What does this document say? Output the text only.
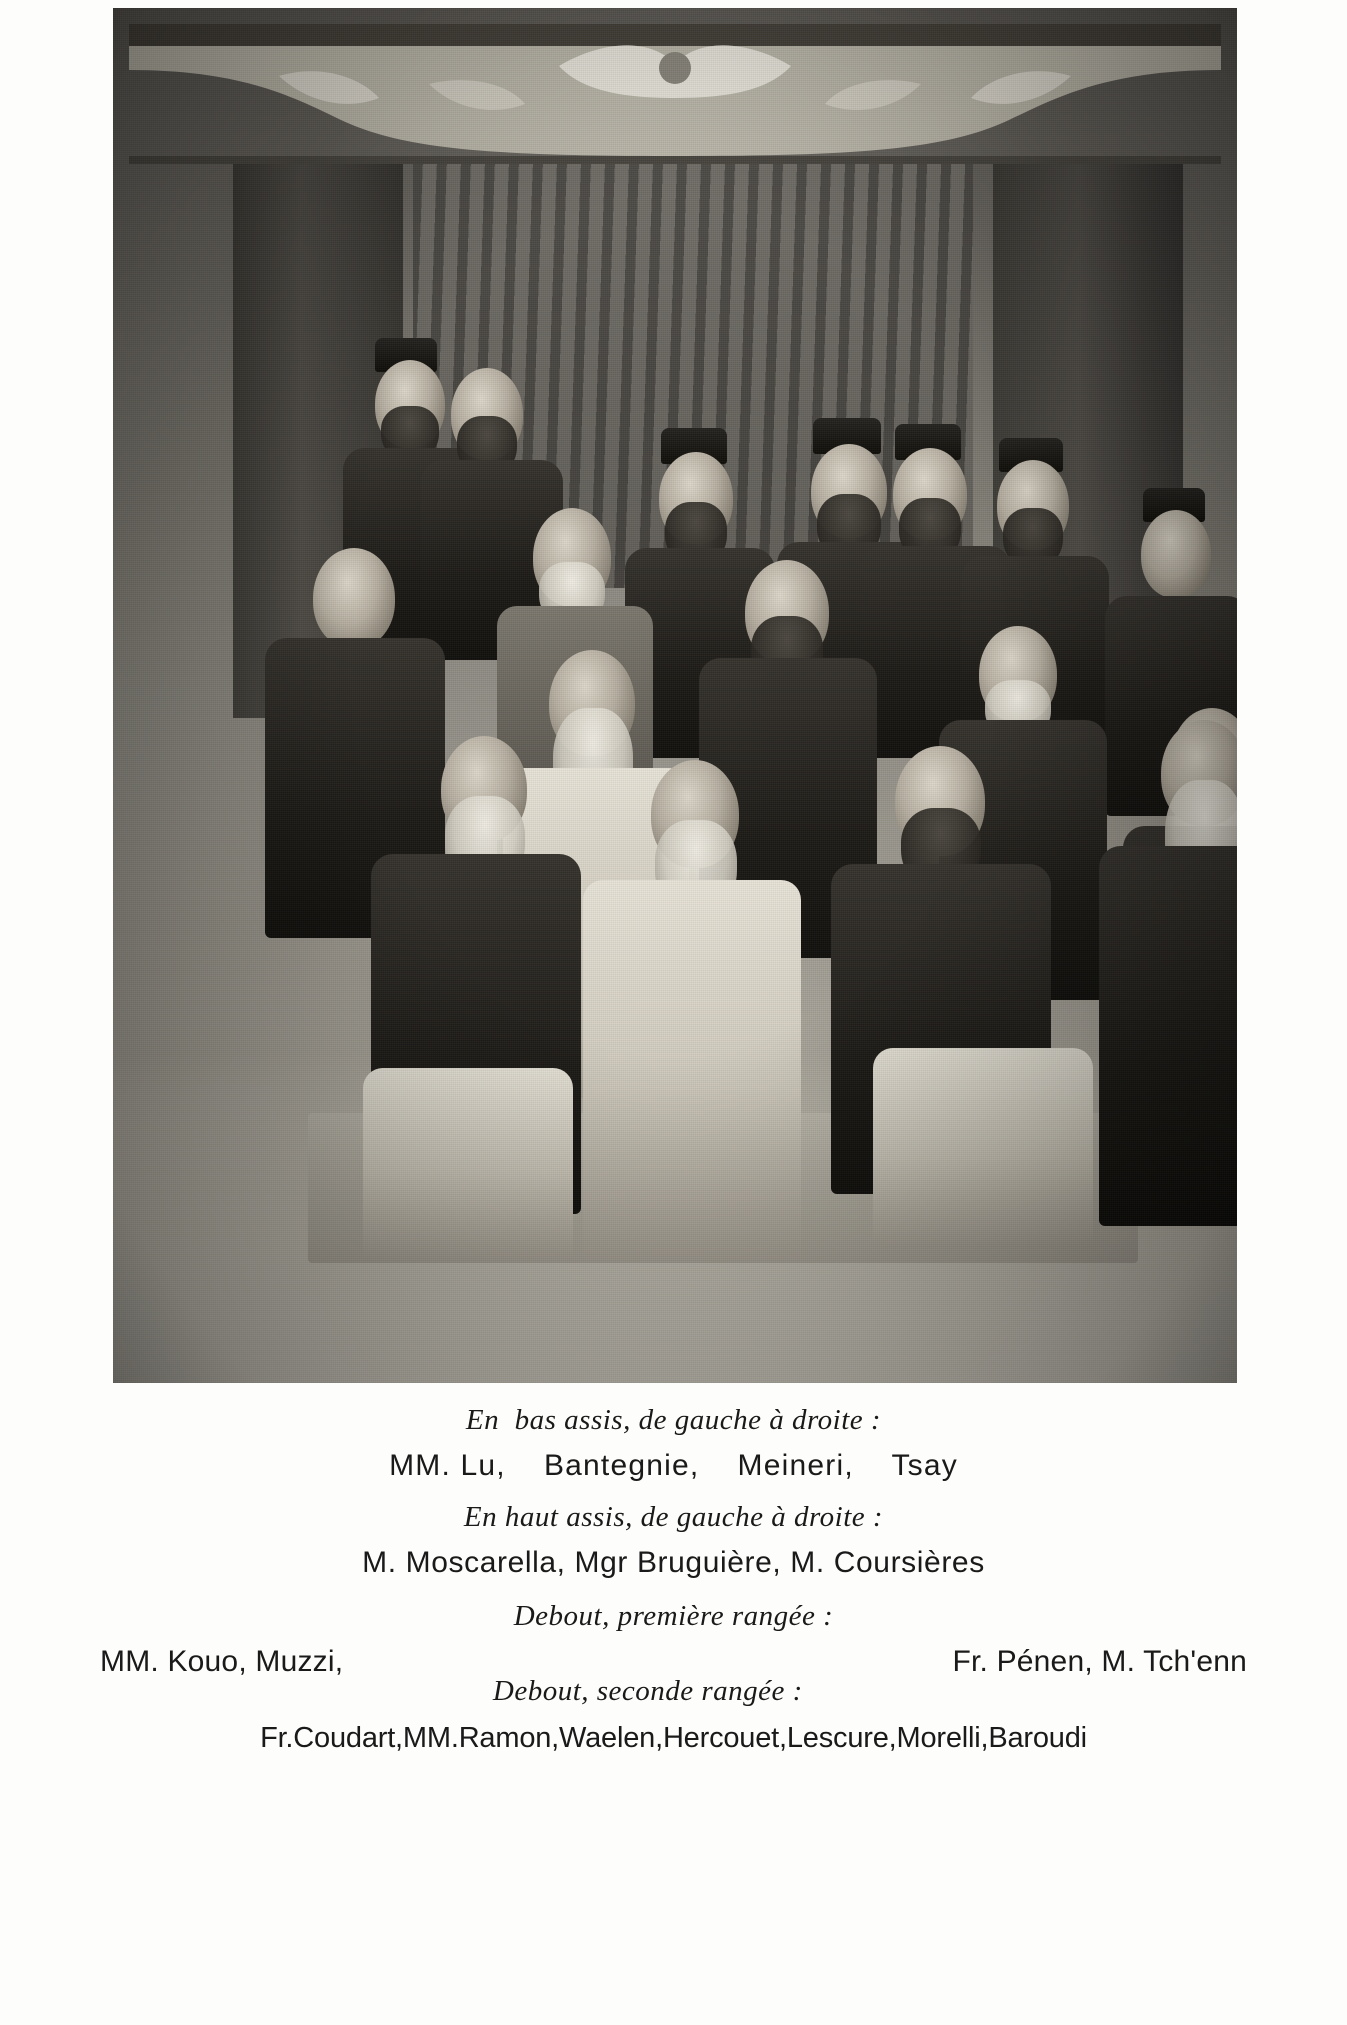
En  bas assis, de gauche à droite :
MM. Lu,    Bantegnie,    Meineri,    Tsay
En haut assis, de gauche à droite :
M. Moscarella, Mgr Bruguière, M. Coursières
Debout, première rangée :
MM. Kouo, Muzzi,	Fr. Pénen, M. Tch'enn
Debout, seconde rangée :
Fr.Coudart,MM.Ramon,Waelen,Hercouet,Lescure,Morelli,Baroudi
